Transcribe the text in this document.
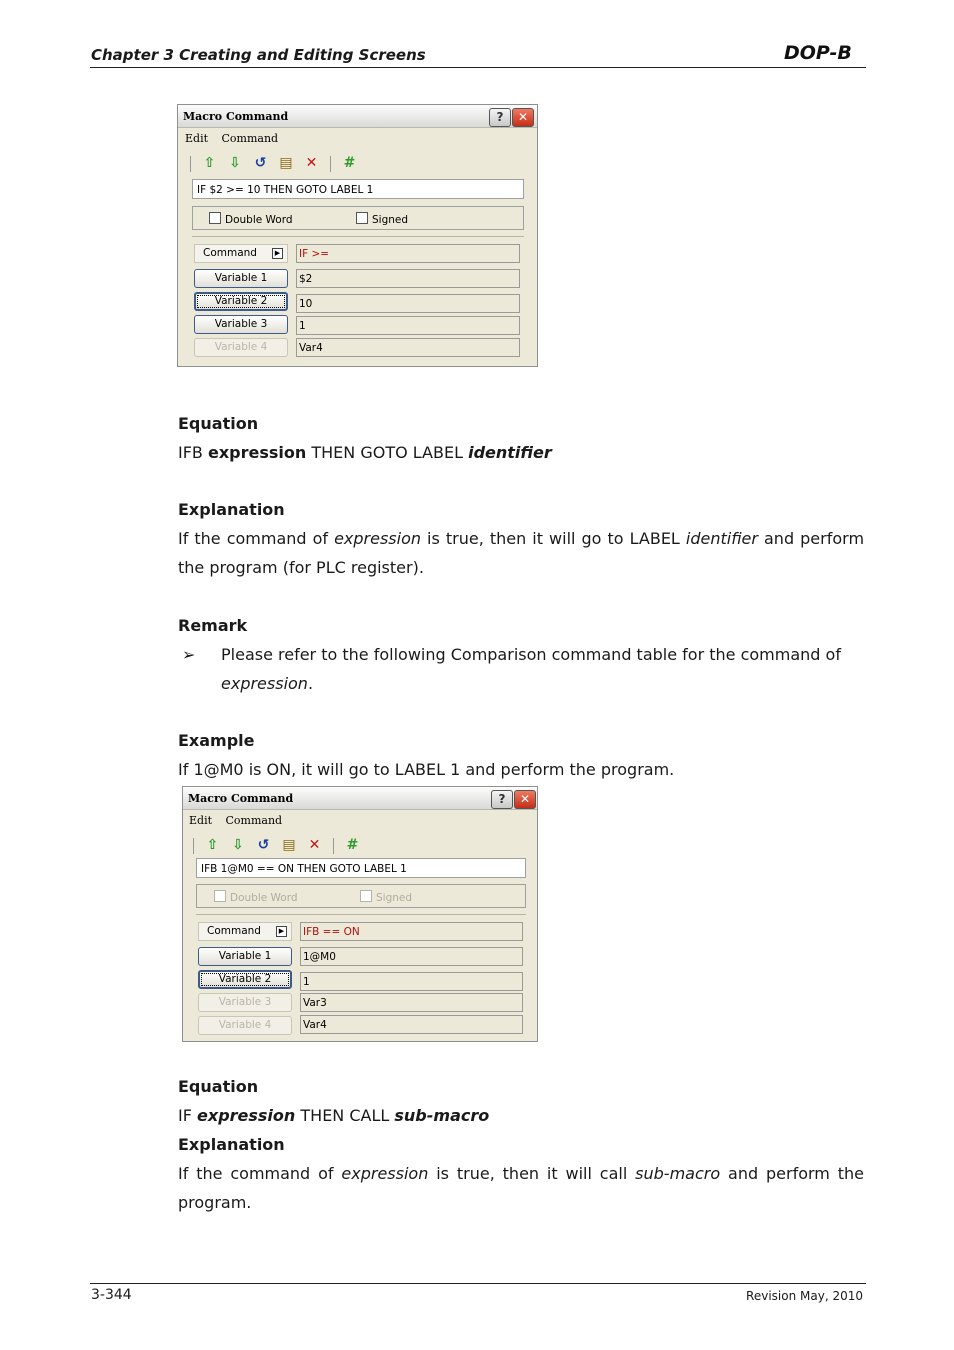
Chapter 3 Creating and Editing Screens	DOP-B
Macro Command	?	✕
Edit Command
⇧ ⇩ ↺ ▤ ✕ #
IF $2 >= 10 THEN GOTO LABEL 1
Double Word	Signed
Command	▶ IF >=
Variable 1	$2
Variable 2	10
Variable 3	1
Variable 4	Var4
Equation
IFB expression THEN GOTO LABEL identifier
Explanation
If the command of expression is true, then it will go to LABEL identifier and perform the program (for PLC register).
Remark
➢ Please refer to the following Comparison command table for the command of expression.
Example
If 1@M0 is ON, it will go to LABEL 1 and perform the program.
Macro Command	?	✕
Edit Command
⇧ ⇩ ↺ ▤ ✕ #
IFB 1@M0 == ON THEN GOTO LABEL 1
Double Word	Signed
Command	▶ IFB == ON
Variable 1	1@M0
Variable 2	1
Variable 3	Var3
Variable 4	Var4
Equation
IF expression THEN CALL sub-macro
Explanation
If the command of expression is true, then it will call sub-macro and perform the program.
3-344	Revision May, 2010
